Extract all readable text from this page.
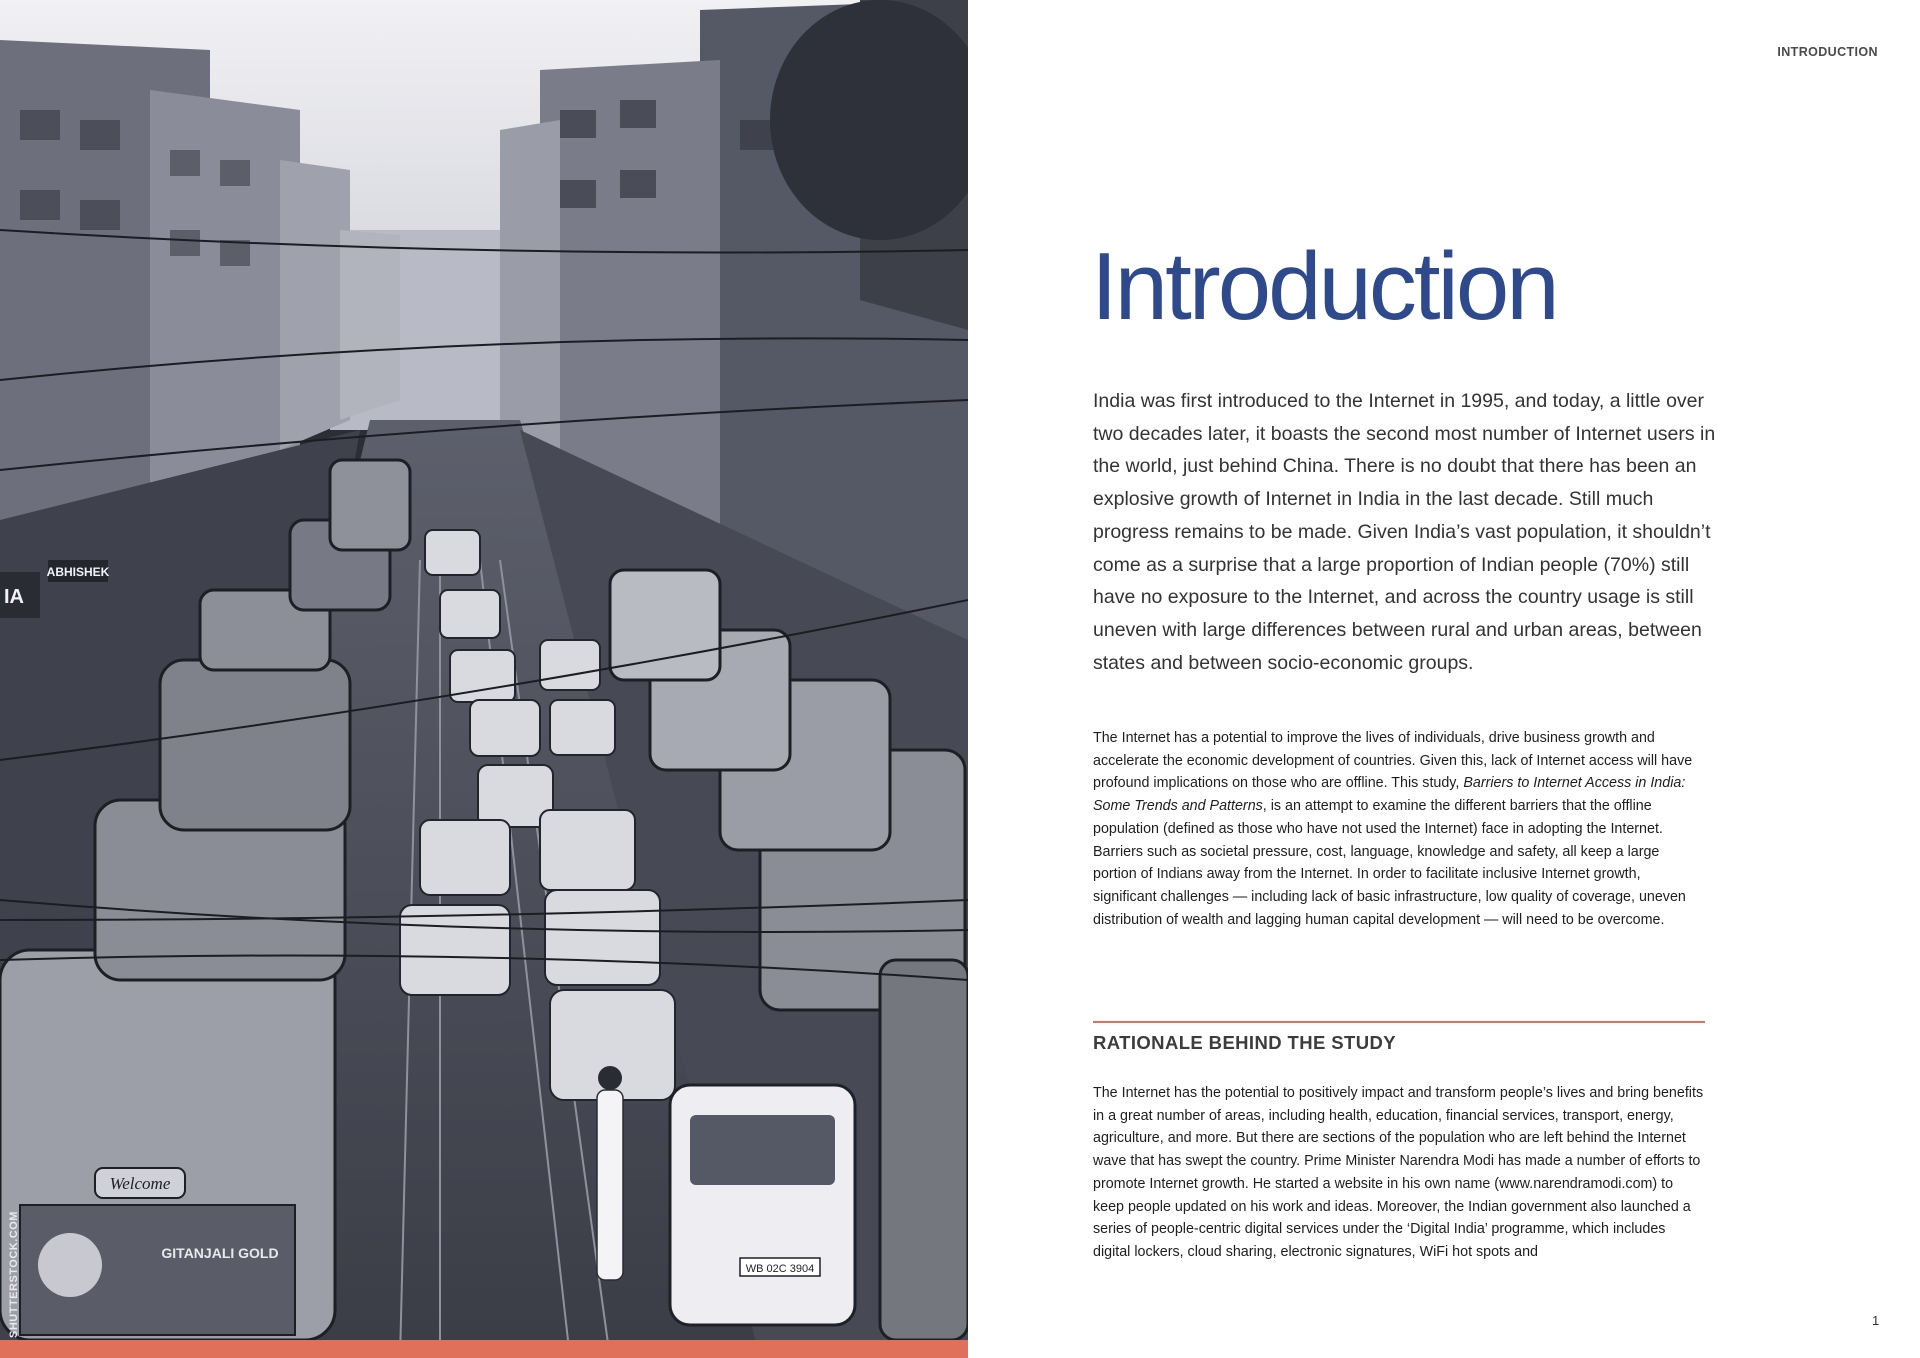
WB 02C 3904
Welcome
GITANJALI GOLD
ABHISHEK
IA
SHUTTERSTOCK.COM
INTRODUCTION
Introduction

India was first introduced to the Internet in 1995, and today, a little over two decades later, it boasts the second most number of Internet users in the world, just behind China. There is no doubt that there has been an explosive growth of Internet in India in the last decade. Still much progress remains to be made. Given India’s vast population, it shouldn’t come as a surprise that a large proportion of Indian people (70%) still have no exposure to the Internet, and across the country usage is still uneven with large differences between rural and urban areas, between states and between socio-economic groups.

The Internet has a potential to improve the lives of individuals, drive business growth and accelerate the economic development of countries. Given this, lack of Internet access will have profound implications on those who are offline. This study, Barriers to Internet Access in India: Some Trends and Patterns, is an attempt to examine the different barriers that the offline population (defined as those who have not used the Internet) face in adopting the Internet. Barriers such as societal pressure, cost, language, knowledge and safety, all keep a large portion of Indians away from the Internet. In order to facilitate inclusive Internet growth, significant challenges — including lack of basic infrastructure, low quality of coverage, uneven distribution of wealth and lagging human capital development — will need to be overcome.

RATIONALE BEHIND THE STUDY

The Internet has the potential to positively impact and transform people’s lives and bring benefits in a great number of areas, including health, education, financial services, transport, energy, agriculture, and more. But there are sections of the population who are left behind the Internet wave that has swept the country. Prime Minister Narendra Modi has made a number of efforts to promote Internet growth. He started a website in his own name (www.narendramodi.com) to keep people updated on his work and ideas. Moreover, the Indian government also launched a series of people-centric digital services under the ‘Digital India’ programme, which includes digital lockers, cloud sharing, electronic signatures, WiFi hot spots and

1
